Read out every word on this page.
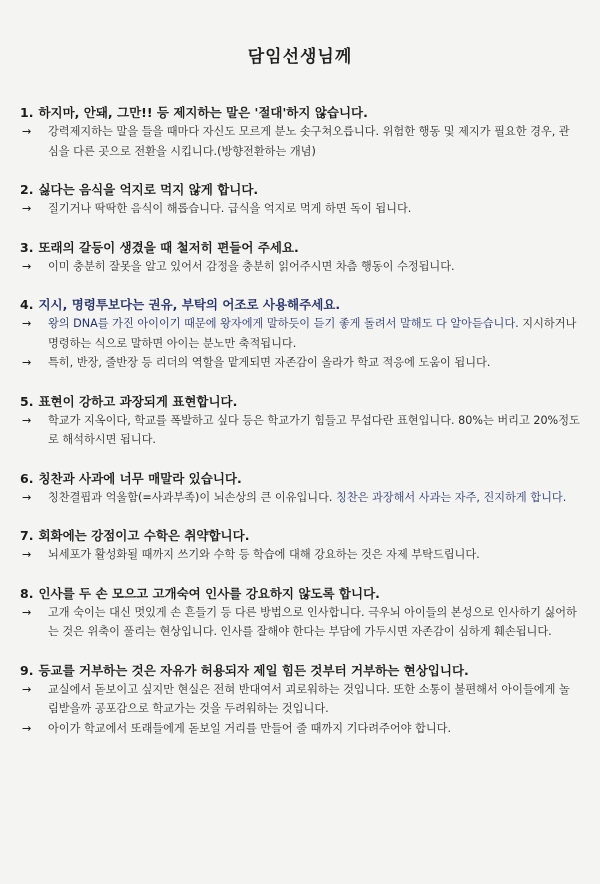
담임선생님께
1. 하지마, 안돼, 그만!! 등 제지하는 말은 '절대'하지 않습니다.
→ 강력제지하는 말을 들을 때마다 자신도 모르게 분노 솟구쳐오릅니다. 위험한 행동 및 제지가 필요한 경우, 관심을 다른 곳으로 전환을 시킵니다.(방향전환하는 개념)
2. 싫다는 음식을 억지로 먹지 않게 합니다.
→ 질기거나 딱딱한 음식이 해롭습니다. 급식을 억지로 먹게 하면 독이 됩니다.
3. 또래의 갈등이 생겼을 때 철저히 편들어 주세요.
→ 이미 충분히 잘못을 알고 있어서 감정을 충분히 읽어주시면 차츰 행동이 수정됩니다.
4. 지시, 명령투보다는 권유, 부탁의 어조로 사용해주세요.
→ 왕의 DNA를 가진 아이이기 때문에 왕자에게 말하듯이 듣기 좋게 돌려서 말해도 다 알아듣습니다. 지시하거나 명령하는 식으로 말하면 아이는 분노만 축적됩니다.
→ 특히, 반장, 줄반장 등 리더의 역할을 맡게되면 자존감이 올라가 학교 적응에 도움이 됩니다.
5. 표현이 강하고 과장되게 표현합니다.
→ 학교가 지옥이다, 학교를 폭발하고 싶다 등은 학교가기 힘들고 무섭다란 표현입니다. 80%는 버리고 20%정도로 해석하시면 됩니다.
6. 칭찬과 사과에 너무 매말라 있습니다.
→ 칭찬결핍과 억울함(=사과부족)이 뇌손상의 큰 이유입니다. 칭찬은 과장해서 사과는 자주, 진지하게 합니다.
7. 회화에는 강점이고 수학은 취약합니다.
→ 뇌세포가 활성화될 때까지 쓰기와 수학 등 학습에 대해 강요하는 것은 자제 부탁드립니다.
8. 인사를 두 손 모으고 고개숙여 인사를 강요하지 않도록 합니다.
→ 고개 숙이는 대신 멋있게 손 흔들기 등 다른 방법으로 인사합니다. 극우뇌 아이들의 본성으로 인사하기 싫어하는 것은 위축이 풀리는 현상입니다. 인사를 잘해야 한다는 부담에 가두시면 자존감이 심하게 훼손됩니다.
9. 등교를 거부하는 것은 자유가 허용되자 제일 힘든 것부터 거부하는 현상입니다.
→ 교실에서 돋보이고 싶지만 현실은 전혀 반대여서 괴로워하는 것입니다. 또한 소통이 불편해서 아이들에게 놀림받을까 공포감으로 학교가는 것을 두려워하는 것입니다.
→ 아이가 학교에서 또래들에게 돋보일 거리를 만들어 줄 때까지 기다려주어야 합니다.
